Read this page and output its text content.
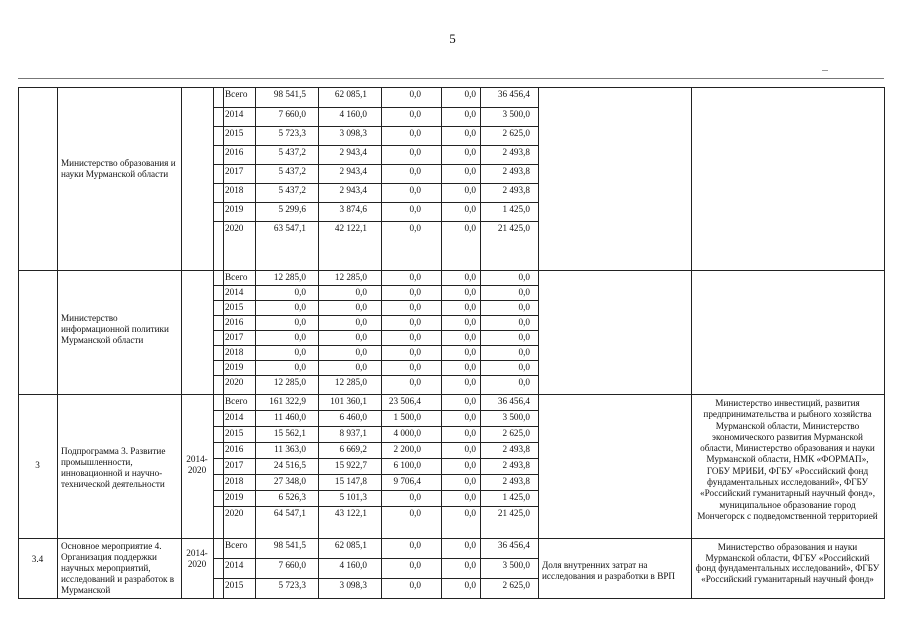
5
Министерство образования и науки Мурманской области
Всего	98 541,5	62 085,1	0,0	0,0	36 456,4
2014	7 660,0	4 160,0	0,0	0,0	3 500,0
2015	5 723,3	3 098,3	0,0	0,0	2 625,0
2016	5 437,2	2 943,4	0,0	0,0	2 493,8
2017	5 437,2	2 943,4	0,0	0,0	2 493,8
2018	5 437,2	2 943,4	0,0	0,0	2 493,8
2019	5 299,6	3 874,6	0,0	0,0	1 425,0
2020	63 547,1	42 122,1	0,0	0,0	21 425,0
Министерство информационной политики Мурманской области
Всего	12 285,0	12 285,0	0,0	0,0	0,0
2014	0,0	0,0	0,0	0,0	0,0
2015	0,0	0,0	0,0	0,0	0,0
2016	0,0	0,0	0,0	0,0	0,0
2017	0,0	0,0	0,0	0,0	0,0
2018	0,0	0,0	0,0	0,0	0,0
2019	0,0	0,0	0,0	0,0	0,0
2020	12 285,0	12 285,0	0,0	0,0	0,0
3
Подпрограмма 3. Развитие промышленности, инновационной и научно-технической деятельности
2014-2020
Министерство инвестиций, развития предпринимательства и рыбного хозяйства Мурманской области, Министерство экономического развития Мурманской области, Министерство образования и науки Мурманской области, НМК «ФОРМАП», ГОБУ МРИБИ, ФГБУ «Российский фонд фундаментальных исследований», ФГБУ «Российский гуманитарный научный фонд», муниципальное образование город Мончегорск с подведомственной территорией
Всего	161 322,9	101 360,1	23 506,4	0,0	36 456,4
2014	11 460,0	6 460,0	1 500,0	0,0	3 500,0
2015	15 562,1	8 937,1	4 000,0	0,0	2 625,0
2016	11 363,0	6 669,2	2 200,0	0,0	2 493,8
2017	24 516,5	15 922,7	6 100,0	0,0	2 493,8
2018	27 348,0	15 147,8	9 706,4	0,0	2 493,8
2019	6 526,3	5 101,3	0,0	0,0	1 425,0
2020	64 547,1	43 122,1	0,0	0,0	21 425,0
3.4
Основное мероприятие 4. Организация поддержки научных мероприятий, исследований и разработок в Мурманской
2014-2020	Доля внутренних затрат на исследования и разработки в ВРП
Министерство образования и науки Мурманской области, ФГБУ «Российский фонд фундаментальных исследований», ФГБУ «Российский гуманитарный научный фонд»
Всего	98 541,5	62 085,1	0,0	0,0	36 456,4
2014	7 660,0	4 160,0	0,0	0,0	3 500,0
2015	5 723,3	3 098,3	0,0	0,0	2 625,0
